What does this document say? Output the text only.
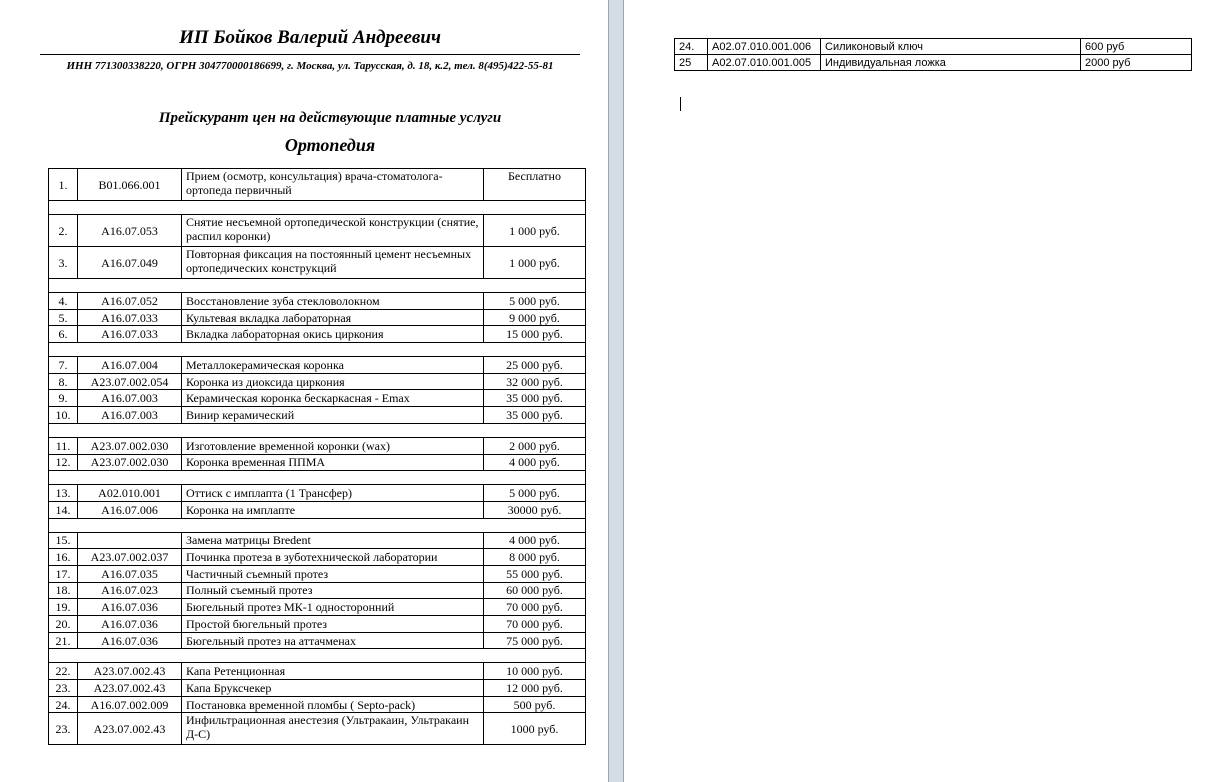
ИП Бойков Валерий Андреевич
ИНН 771300338220, ОГРН 304770000186699, г. Москва, ул. Тарусская, д. 18, к.2, тел. 8(495)422-55-81
Прейскурант цен на действующие платные услуги
Ортопедия
1.	B01.066.001	Прием (осмотр, консультация) врача-стоматолога-ортопеда первичный	Бесплатно

2.	A16.07.053	Снятие несъемной ортопедической конструкции (снятие, распил коронки)	1 000 руб.
3.	A16.07.049	Повторная фиксация на постоянный цемент несъемных ортопедических конструкций	1 000 руб.

4.	A16.07.052	Восстановление зуба стекловолокном	5 000 руб.
5.	A16.07.033	Культевая вкладка лабораторная	9 000 руб.
6.	A16.07.033	Вкладка лабораторная окись циркония	15 000 руб.

7.	A16.07.004	Металлокерамическая коронка	25 000 руб.
8.	A23.07.002.054	Коронка из диоксида циркония	32 000 руб.
9.	A16.07.003	Керамическая коронка бескаркасная - Emax	35 000 руб.
10.	A16.07.003	Винир керамический	35 000 руб.

11.	A23.07.002.030	Изготовление временной коронки (wax)	2 000 руб.
12.	A23.07.002.030	Коронка временная ППМА	4 000 руб.

13.	A02.010.001	Оттиск с имплапта (1 Трансфер)	5 000 руб.
14.	A16.07.006	Коронка на имплапте	30000 руб.

15.		Замена матрицы Bredent	4 000 руб.
16.	A23.07.002.037	Починка протеза в зуботехнической лаборатории	8 000 руб.
17.	A16.07.035	Частичный съемный протез	55 000 руб.
18.	A16.07.023	Полный съемный протез	60 000 руб.
19.	A16.07.036	Бюгельный протез МК-1 односторонний	70 000 руб.
20.	A16.07.036	Простой бюгельный протез	70 000 руб.
21.	A16.07.036	Бюгельный протез на аттачменах	75 000 руб.

22.	A23.07.002.43	Капа Ретенционная	10 000 руб.
23.	A23.07.002.43	Капа Бруксчекер	12 000 руб.
24.	A16.07.002.009	Постановка временной пломбы ( Septo-pack)	500 руб.
23.	A23.07.002.43	Инфильтрационная анестезия (Ультракаин, Ультракаин Д-С)	1000 руб.
24.	A02.07.010.001.006	Силиконовый ключ	600 руб
25	A02.07.010.001.005	Индивидуальная ложка	2000 руб
